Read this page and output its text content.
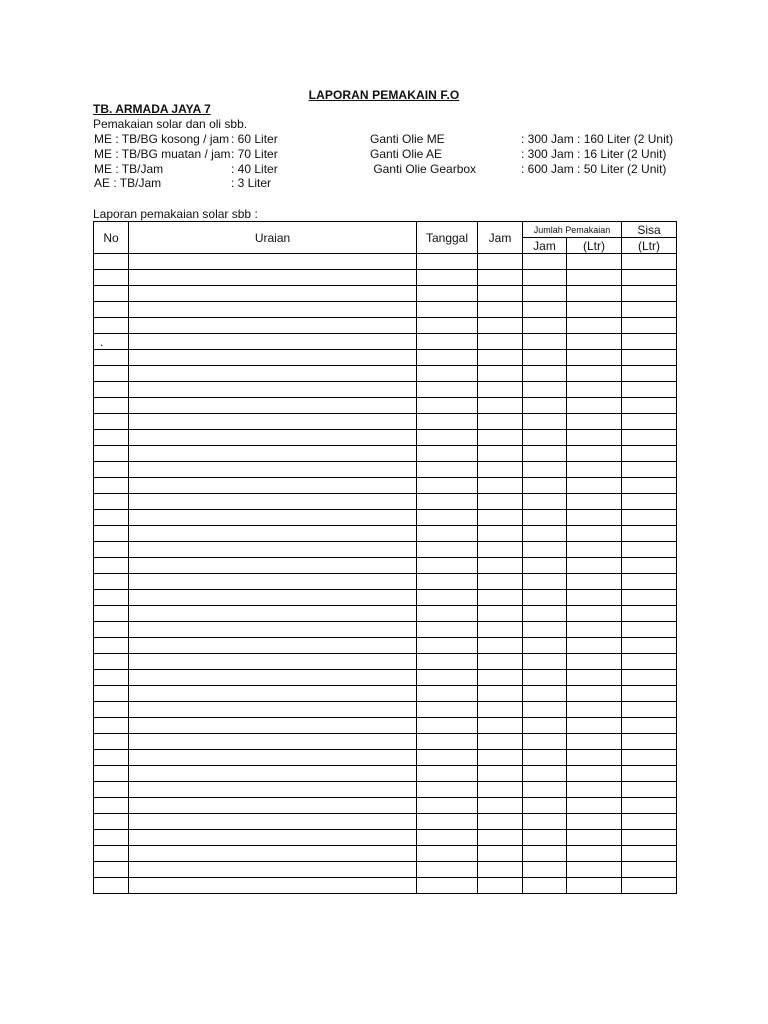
LAPORAN PEMAKAIN F.O
TB. ARMADA JAYA 7
Pemakaian solar dan oli sbb.
ME : TB/BG kosong / jam : 60 Liter	Ganti Olie ME	: 300 Jam : 160 Liter (2 Unit)
ME : TB/BG muatan / jam : 70 Liter	Ganti Olie AE	: 300 Jam : 16 Liter (2 Unit)
ME : TB/Jam	: 40 Liter	Ganti Olie Gearbox	: 600 Jam : 50 Liter (2 Unit)
AE : TB/Jam	: 3 Liter
Laporan pemakaian solar sbb :
No	Uraian	Tanggal	Jam	Jumlah Pemakaian		Sisa
				Jam	(Ltr)	(Ltr)

.						
